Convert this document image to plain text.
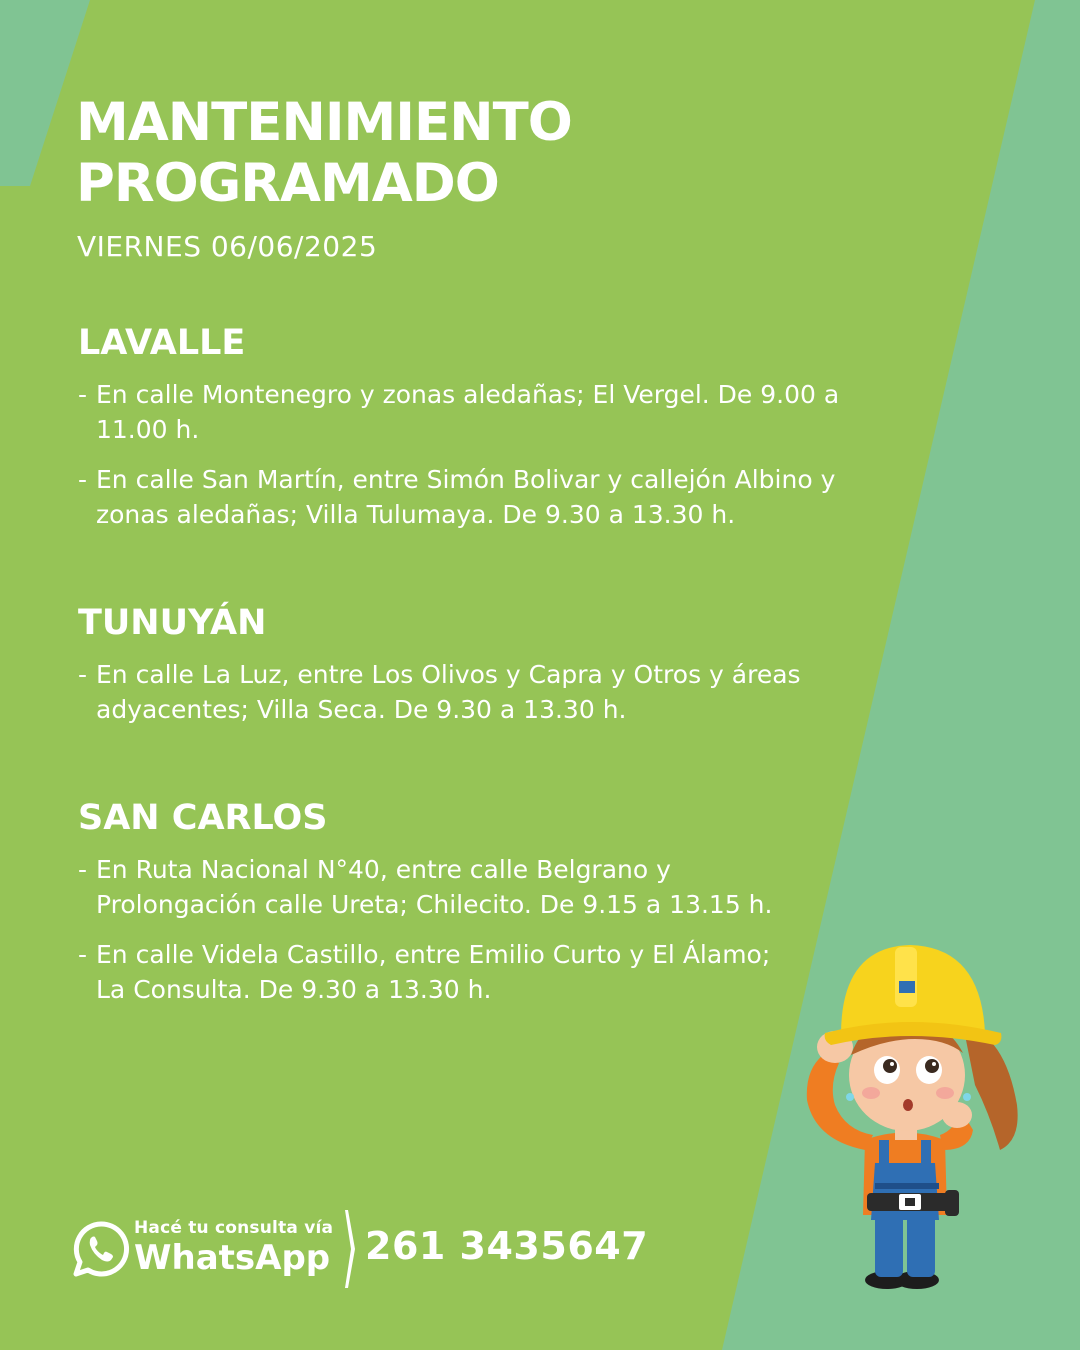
MANTENIMIENTO
PROGRAMADO
VIERNES 06/06/2025
LAVALLE
- En calle Montenegro y zonas aledañas; El Vergel. De 9.00 a
11.00 h.
- En calle San Martín, entre Simón Bolivar y callejón Albino y
zonas aledañas; Villa Tulumaya. De 9.30 a 13.30 h.
TUNUYÁN
- En calle La Luz, entre Los Olivos y Capra y Otros y áreas
adyacentes; Villa Seca. De 9.30 a 13.30 h.
SAN CARLOS
- En Ruta Nacional N°40, entre calle Belgrano y
Prolongación calle Ureta; Chilecito. De 9.15 a 13.15 h.
- En calle Videla Castillo, entre Emilio Curto y El Álamo;
La Consulta. De 9.30 a 13.30 h.
Hacé tu consulta vía
WhatsApp 261 3435647
